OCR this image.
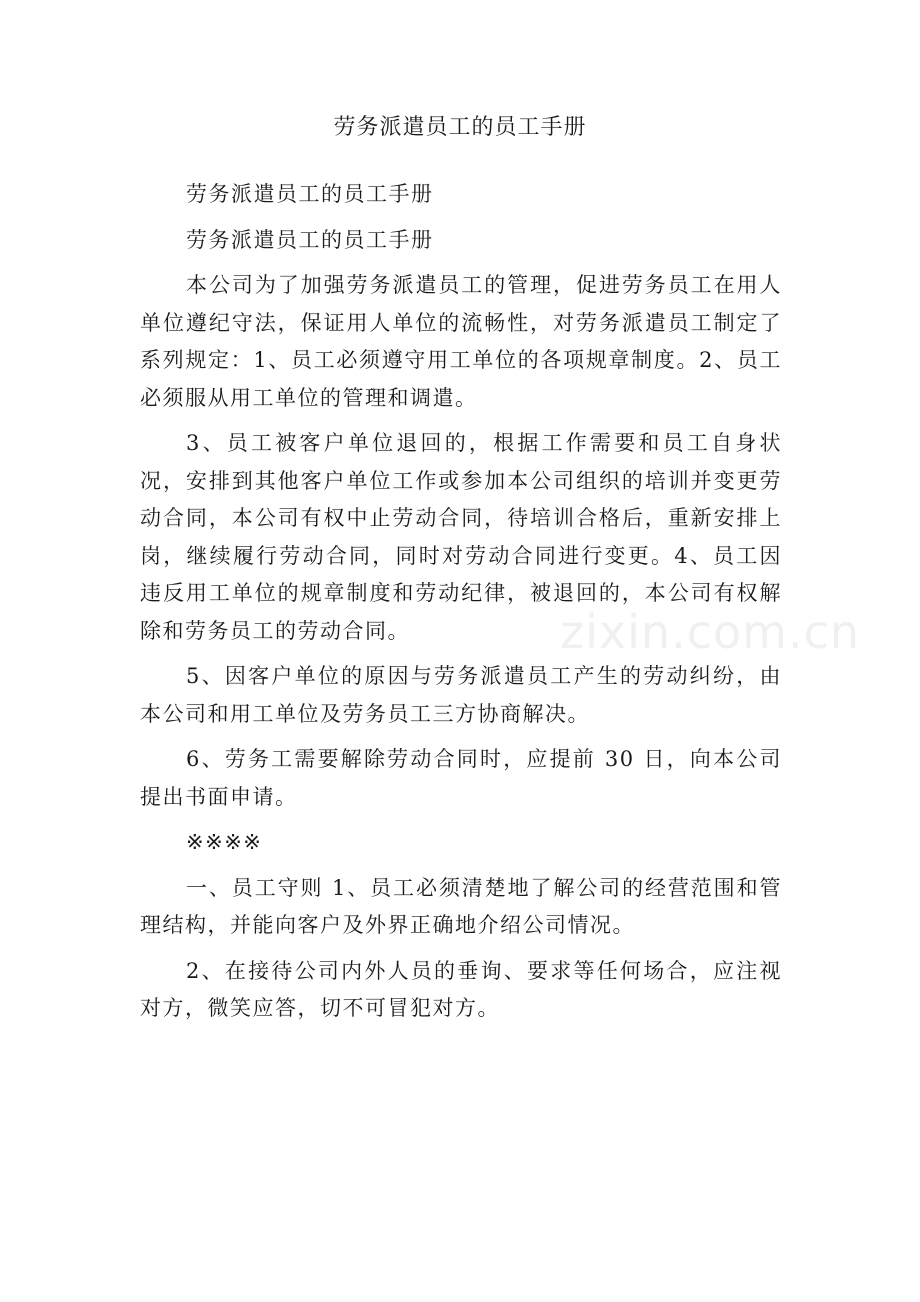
劳务派遣员工的员工手册

劳务派遣员工的员工手册

劳务派遣员工的员工手册

本公司为了加强劳务派遣员工的管理，促进劳务员工在用人单位遵纪守法，保证用人单位的流畅性，对劳务派遣员工制定了系列规定：1、员工必须遵守用工单位的各项规章制度。2、员工必须服从用工单位的管理和调遣。

3、员工被客户单位退回的，根据工作需要和员工自身状况，安排到其他客户单位工作或参加本公司组织的培训并变更劳动合同，本公司有权中止劳动合同，待培训合格后，重新安排上岗，继续履行劳动合同，同时对劳动合同进行变更。4、员工因违反用工单位的规章制度和劳动纪律，被退回的，本公司有权解除和劳务员工的劳动合同。

5、因客户单位的原因与劳务派遣员工产生的劳动纠纷，由本公司和用工单位及劳务员工三方协商解决。

6、劳务工需要解除劳动合同时，应提前 30 日，向本公司提出书面申请。

※※※※

一、员工守则 1、员工必须清楚地了解公司的经营范围和管理结构，并能向客户及外界正确地介绍公司情况。

2、在接待公司内外人员的垂询、要求等任何场合，应注视对方，微笑应答，切不可冒犯对方。

zixin.com.cn
